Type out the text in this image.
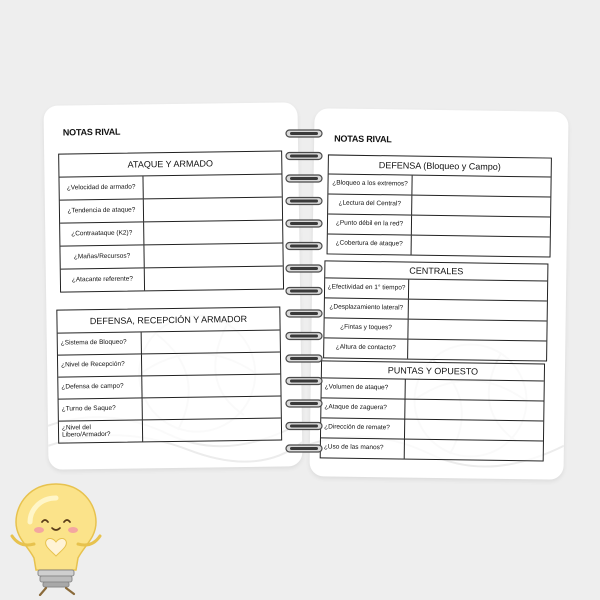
NOTAS RIVAL
ATAQUE Y ARMADO
¿Velocidad de armado?
¿Tendencia de ataque?
¿Contraataque (K2)?
¿Mañas/Recursos?
¿Atacante referente?
DEFENSA, RECEPCIÓN Y ARMADOR
¿Sistema de Bloqueo?
¿Nivel de Recepción?
¿Defensa de campo?
¿Turno de Saque?
¿Nivel del Libero/Armador?
NOTAS RIVAL
DEFENSA (Bloqueo y Campo)
¿Bloqueo a los extremos?
¿Lectura del Central?
¿Punto débil en la red?
¿Cobertura de ataque?
CENTRALES
¿Efectividad en 1° tiempo?
¿Desplazamiento lateral?
¿Fintas y toques?
¿Altura de contacto?
PUNTAS Y OPUESTO
¿Volumen de ataque?
¿Ataque de zaguera?
¿Dirección de remate?
¿Uso de las manos?
